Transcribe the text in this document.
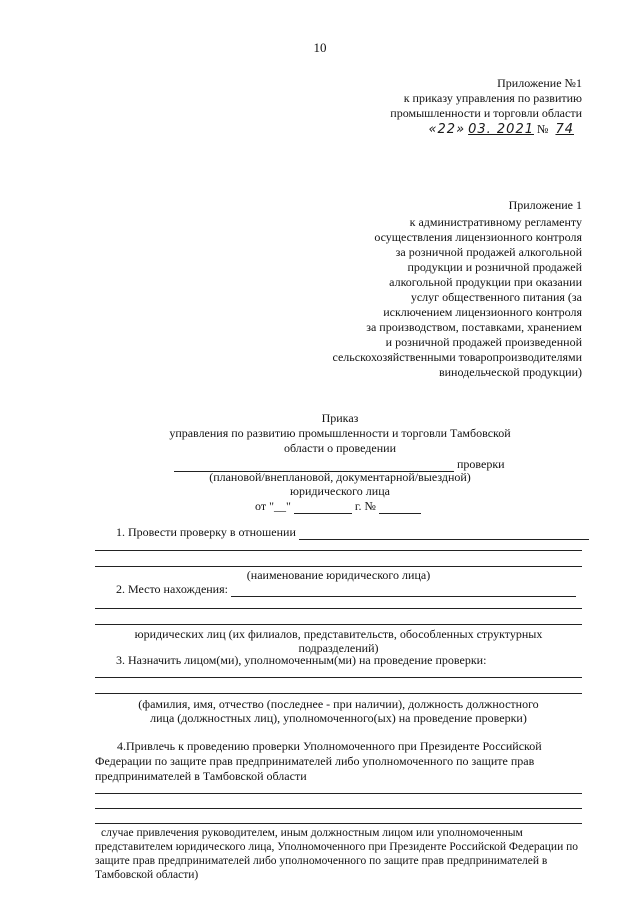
10
Приложение №1
к приказу управления по развитию
промышленности и торговли области
«22» 03. 2021 № 74
Приложение 1
к административному регламенту
осуществления лицензионного контроля
за розничной продажей алкогольной
продукции и розничной продажей
алкогольной продукции при оказании
услуг общественного питания (за
исключением лицензионного контроля
за производством, поставками, хранением
и розничной продажей произведенной
сельскохозяйственными товаропроизводителями
винодельческой продукции)
Приказ
управления по развитию промышленности и торговли Тамбовской
области о проведении
проверки
(плановой/внеплановой, документарной/выездной)
юридического лица
от "__"	г. №
1. Провести проверку в отношении
(наименование юридического лица)
2. Место нахождения:
юридических лиц (их филиалов, представительств, обособленных структурных
подразделений)
3. Назначить лицом(ми), уполномоченным(ми) на проведение проверки:
(фамилия, имя, отчество (последнее - при наличии), должность должностного
лица (должностных лиц), уполномоченного(ых) на проведение проверки)
4.Привлечь к проведению проверки Уполномоченного при Президенте Российской
Федерации по защите прав предпринимателей либо уполномоченного по защите прав
предпринимателей в Тамбовской области
случае привлечения руководителем, иным должностным лицом или уполномоченным
представителем юридического лица, Уполномоченного при Президенте Российской Федерации по
защите прав предпринимателей либо уполномоченного по защите прав предпринимателей в
Тамбовской области)
